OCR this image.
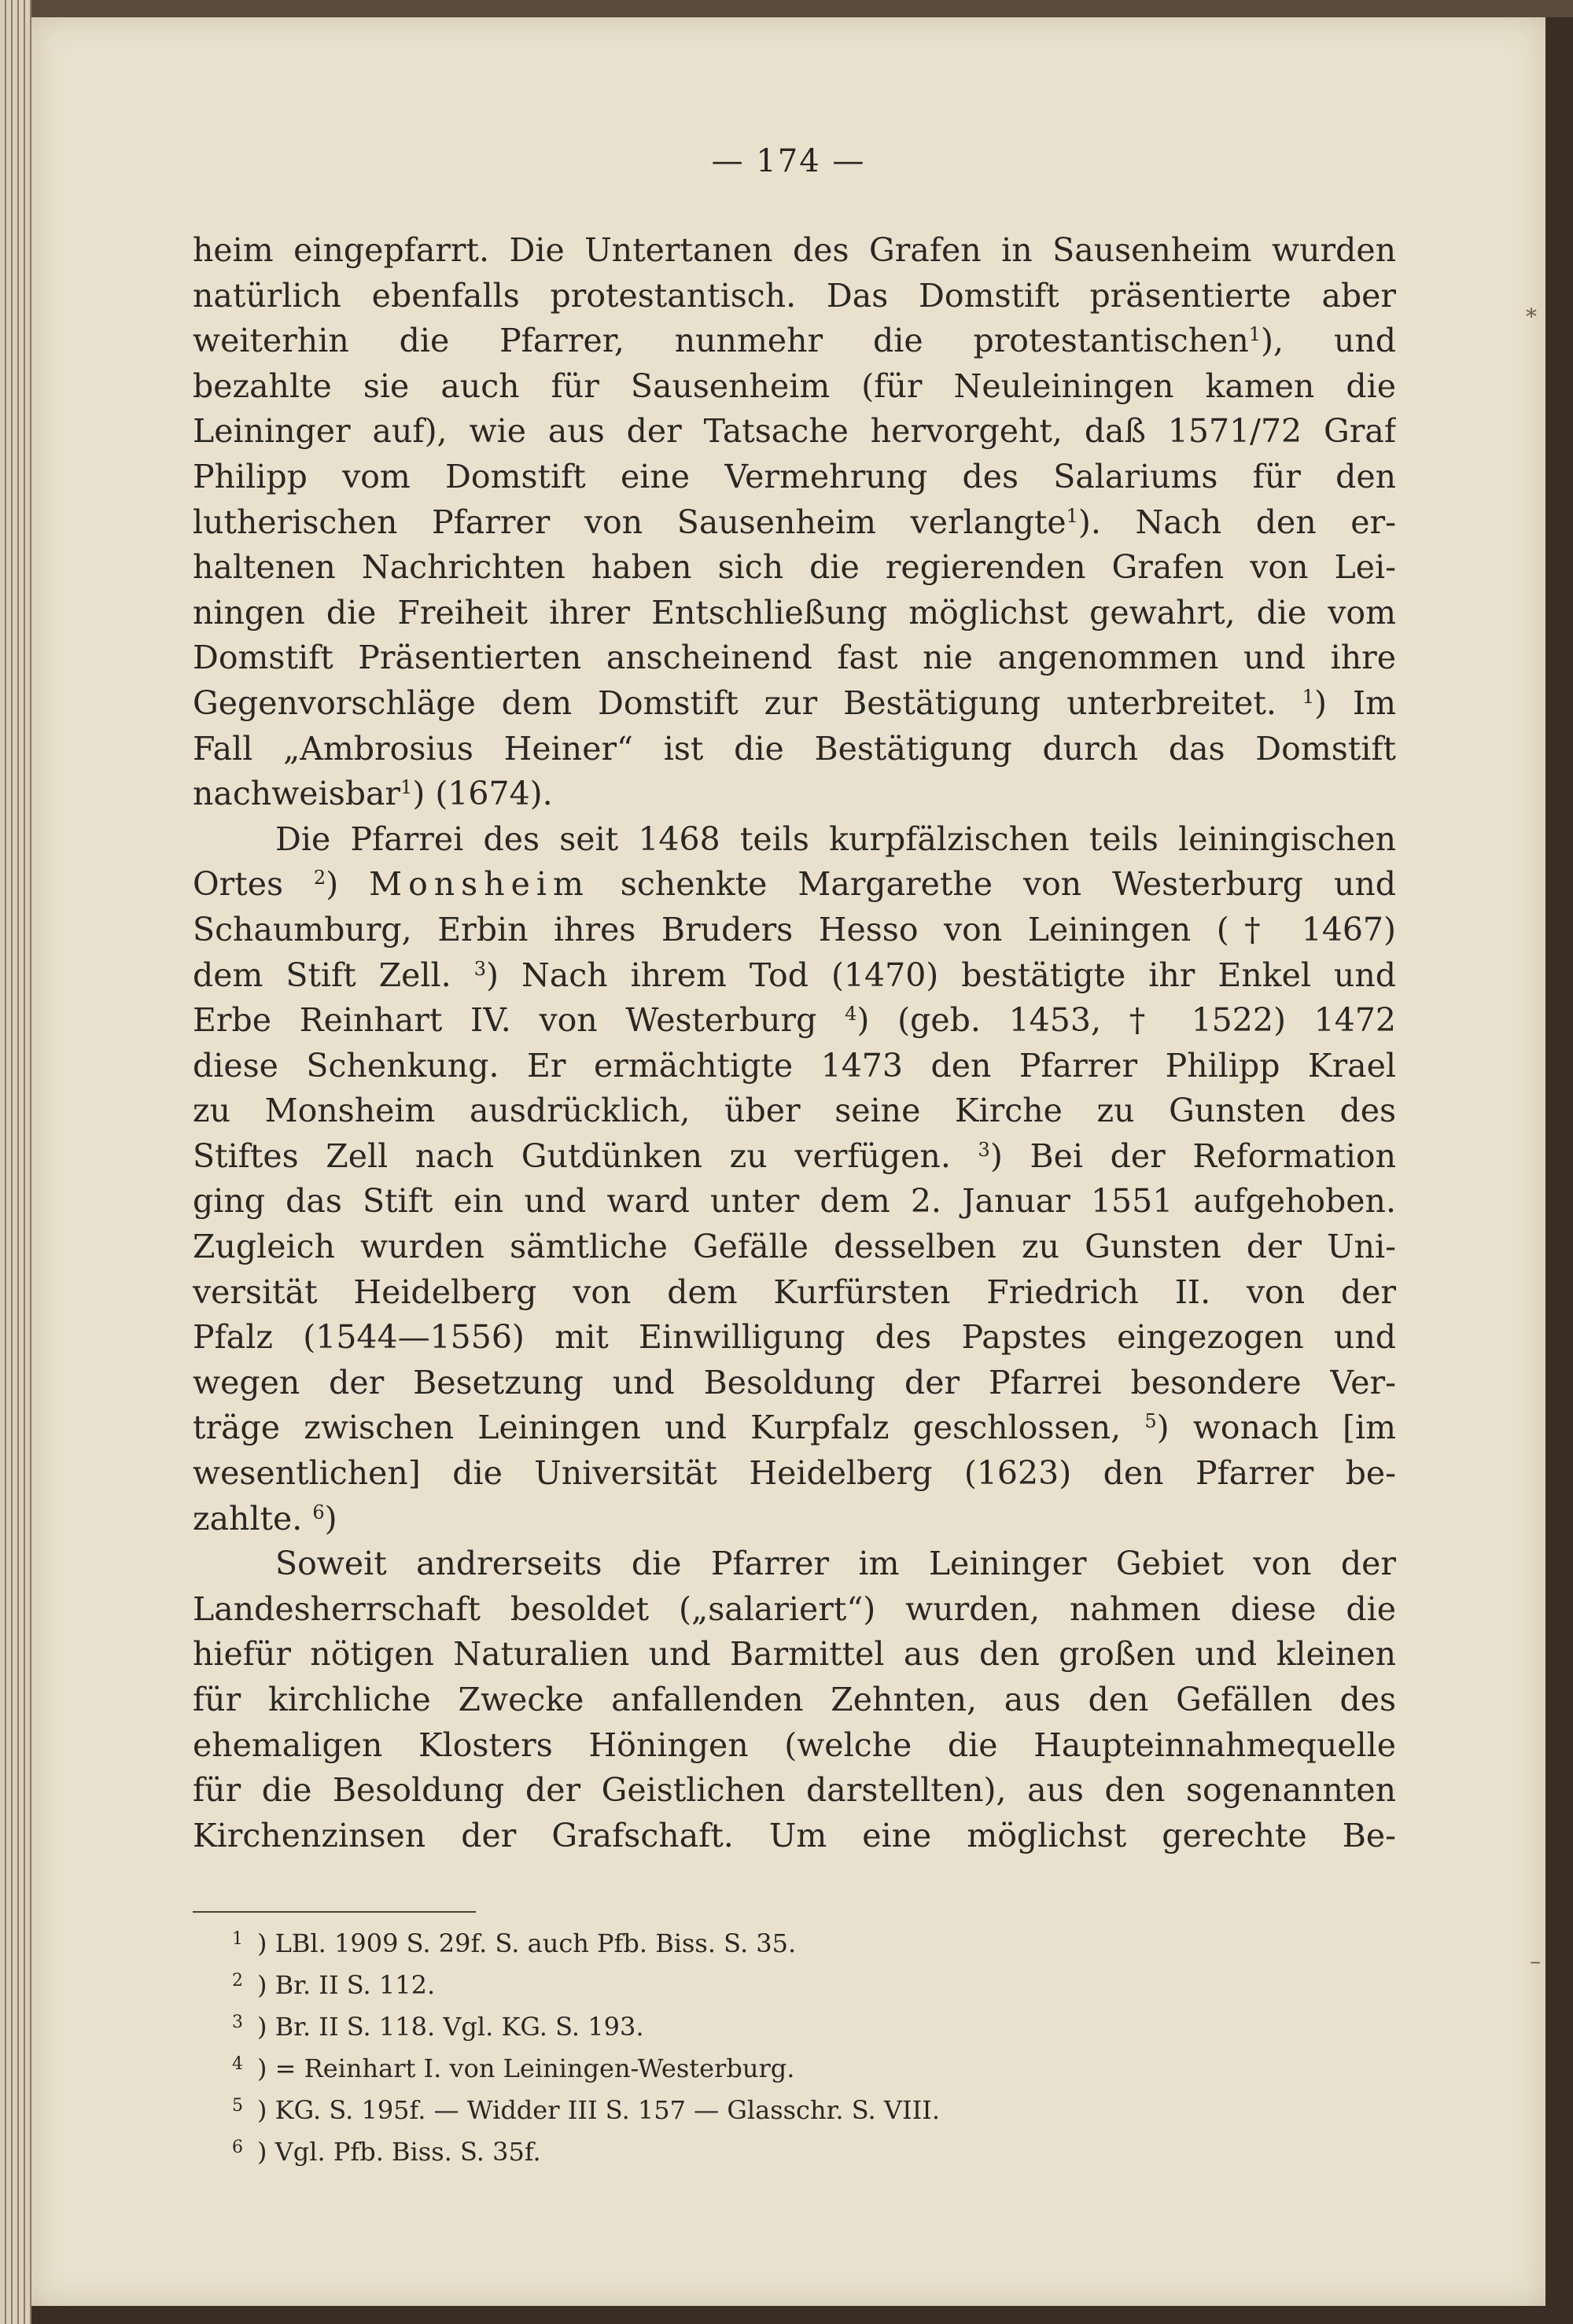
— 174 —
heim eingepfarrt. Die Untertanen des Grafen in Sausenheim wurden
natürlich ebenfalls protestantisch. Das Domstift präsentierte aber
weiterhin die Pfarrer, nunmehr die protestantischen$^1$), und
bezahlte sie auch für Sausenheim (für Neuleiningen kamen die
Leininger auf), wie aus der Tatsache hervorgeht, daß 1571/72 Graf
Philipp vom Domstift eine Vermehrung des Salariums für den
lutherischen Pfarrer von Sausenheim verlangte$^1$). Nach den er-
haltenen Nachrichten haben sich die regierenden Grafen von Lei-
ningen die Freiheit ihrer Entschließung möglichst gewahrt, die vom
Domstift Präsentierten anscheinend fast nie angenommen und ihre
Gegenvorschläge dem Domstift zur Bestätigung unterbreitet. $^1$) Im
Fall „Ambrosius Heiner“ ist die Bestätigung durch das Domstift
nachweisbar$^1$) (1674).
Die Pfarrei des seit 1468 teils kurpfälzischen teils leiningischen
Ortes $^2$) Monsheim schenkte Margarethe von Westerburg und
Schaumburg, Erbin ihres Bruders Hesso von Leiningen († 1467)
dem Stift Zell. $^3$) Nach ihrem Tod (1470) bestätigte ihr Enkel und
Erbe Reinhart IV. von Westerburg $^4$) (geb. 1453, † 1522) 1472
diese Schenkung. Er ermächtigte 1473 den Pfarrer Philipp Krael
zu Monsheim ausdrücklich, über seine Kirche zu Gunsten des
Stiftes Zell nach Gutdünken zu verfügen. $^3$) Bei der Reformation
ging das Stift ein und ward unter dem 2. Januar 1551 aufgehoben.
Zugleich wurden sämtliche Gefälle desselben zu Gunsten der Uni-
versität Heidelberg von dem Kurfürsten Friedrich II. von der
Pfalz (1544—1556) mit Einwilligung des Papstes eingezogen und
wegen der Besetzung und Besoldung der Pfarrei besondere Ver-
träge zwischen Leiningen und Kurpfalz geschlossen, $^5$) wonach [im
wesentlichen] die Universität Heidelberg (1623) den Pfarrer be-
zahlte. $^6$)
Soweit andrerseits die Pfarrer im Leininger Gebiet von der
Landesherrschaft besoldet („salariert“) wurden, nahmen diese die
hiefür nötigen Naturalien und Barmittel aus den großen und kleinen
für kirchliche Zwecke anfallenden Zehnten, aus den Gefällen des
ehemaligen Klosters Höningen (welche die Haupteinnahmequelle
für die Besoldung der Geistlichen darstellten), aus den sogenannten
Kirchenzinsen der Grafschaft. Um eine möglichst gerechte Be-
1 ) LBl. 1909 S. 29f. S. auch Pfb. Biss. S. 35.
2 ) Br. II S. 112.
3 ) Br. II S. 118. Vgl. KG. S. 193.
4 ) = Reinhart I. von Leiningen-Westerburg.
5 ) KG. S. 195f. — Widder III S. 157 — Glasschr. S. VIII.
6 ) Vgl. Pfb. Biss. S. 35f.
⁎
–
